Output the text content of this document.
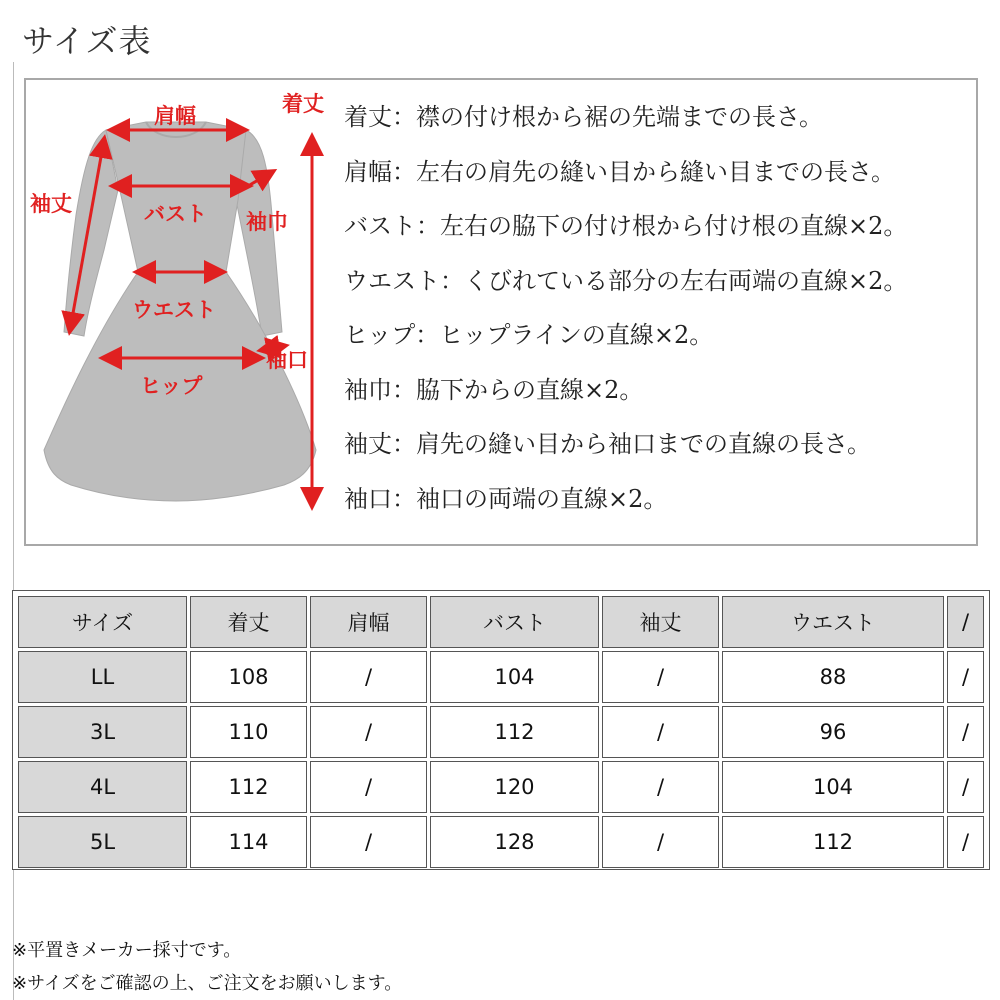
サイズ表
肩幅	着丈
袖丈	バスト 袖巾
ウエスト
袖口
ヒップ
着丈：襟の付け根から裾の先端までの長さ。
肩幅：左右の肩先の縫い目から縫い目までの長さ。
バスト：左右の脇下の付け根から付け根の直線×2。
ウエスト：くびれている部分の左右両端の直線×2。
ヒップ：ヒップラインの直線×2。
袖巾：脇下からの直線×2。
袖丈：肩先の縫い目から袖口までの直線の長さ。
袖口：袖口の両端の直線×2。
サイズ	着丈	肩幅	バスト	袖丈	ウエスト	/
LL	108	/	104	/	88	/
3L	110	/	112	/	96	/
4L	112	/	120	/	104	/
5L	114	/	128	/	112	/
※平置きメーカー採寸です。
※サイズをご確認の上、ご注文をお願いします。
